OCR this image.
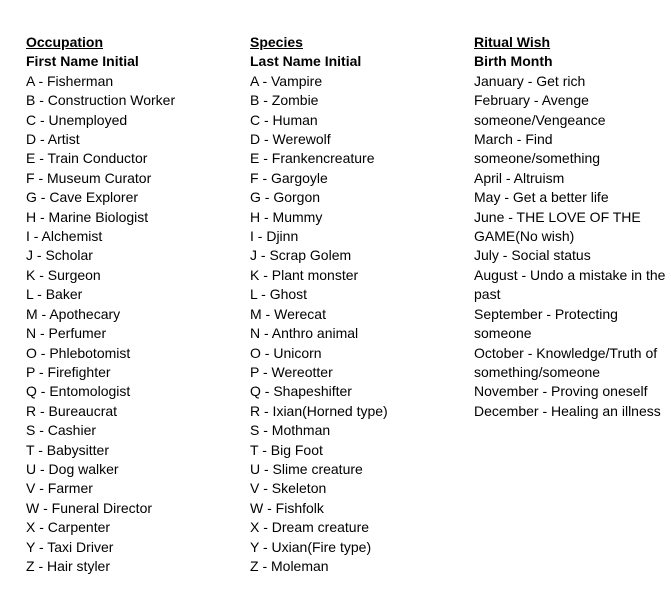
Occupation

First Name Initial

A - Fisherman
B - Construction Worker
C - Unemployed
D - Artist
E - Train Conductor
F - Museum Curator
G - Cave Explorer
H - Marine Biologist
I - Alchemist
J - Scholar
K - Surgeon
L - Baker
M - Apothecary
N - Perfumer
O - Phlebotomist
P - Firefighter
Q - Entomologist
R - Bureaucrat
S - Cashier
T - Babysitter
U - Dog walker
V - Farmer
W - Funeral Director
X - Carpenter
Y - Taxi Driver
Z - Hair styler

Species

Last Name Initial

A - Vampire
B - Zombie
C - Human
D - Werewolf
E - Frankencreature
F - Gargoyle
G - Gorgon
H - Mummy
I - Djinn
J - Scrap Golem
K - Plant monster
L - Ghost
M - Werecat
N - Anthro animal
O - Unicorn
P - Wereotter
Q - Shapeshifter
R - Ixian(Horned type)
S - Mothman
T - Big Foot
U - Slime creature
V - Skeleton
W - Fishfolk
X - Dream creature
Y - Uxian(Fire type)
Z - Moleman

Ritual Wish

Birth Month

January - Get rich
February - Avenge someone/Vengeance
March - Find someone/something
April - Altruism
May - Get a better life
June - THE LOVE OF THE GAME(No wish)
July - Social status
August - Undo a mistake in the past
September - Protecting someone
October - Knowledge/Truth of something/someone
November - Proving oneself
December - Healing an illness
